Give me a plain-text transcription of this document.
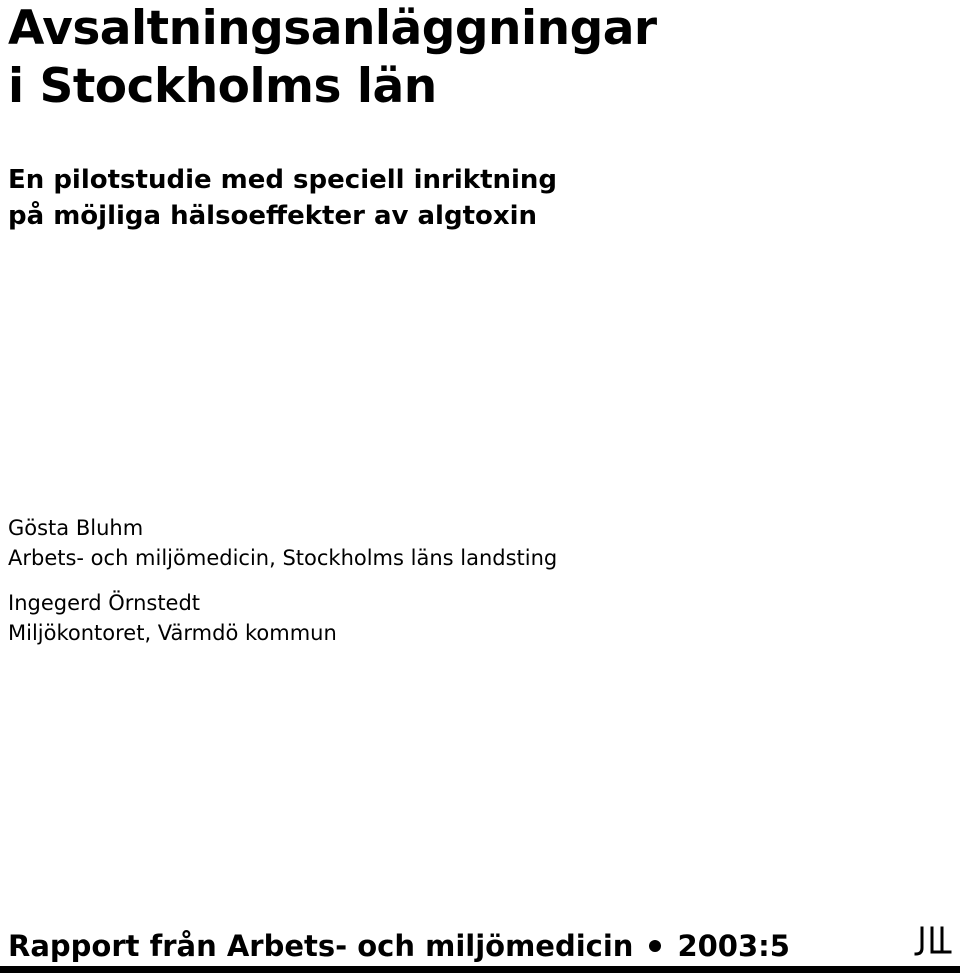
Avsaltningsanläggningar
i Stockholms län
En pilotstudie med speciell inriktning
på möjliga hälsoeffekter av algtoxin
Gösta Bluhm
Arbets- och miljömedicin, Stockholms läns landsting
Ingegerd Örnstedt
Miljökontoret, Värmdö kommun
Rapport från Arbets- och miljömedicin 2003:5
